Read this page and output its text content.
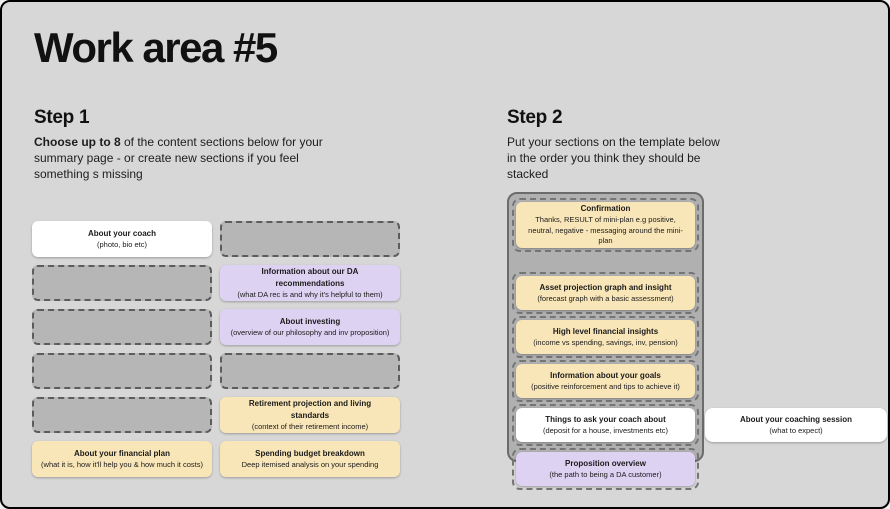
Work area #5
Step 1
Choose up to 8 of the content sections below for your summary page - or create new sections if you feel something s missing
Step 2
Put your sections on the template below in the order you think they should be stacked
About your coach
(photo, bio etc)
Information about our DA recommendations
(what DA rec is and why it's helpful to them)
About investing
(overview of our philosophy and inv proposition)
Retirement projection and living standards
(context of their retirement income)
About your financial plan
(what it is, how it'll help you & how much it costs)
Spending budget breakdown
Deep itemised analysis on your spending
Confirmation
Thanks, RESULT of mini-plan e.g positive, neutral, negative - messaging around the mini-plan
Asset projection graph and insight
(forecast graph with a basic assessment)
High level financial insights
(income vs spending, savings, inv, pension)
Information about your goals
(positive reinforcement and tips to achieve it)
Things to ask your coach about
(deposit for a house, investments etc)
Proposition overview
(the path to being a DA customer)
About your coaching session
(what to expect)
